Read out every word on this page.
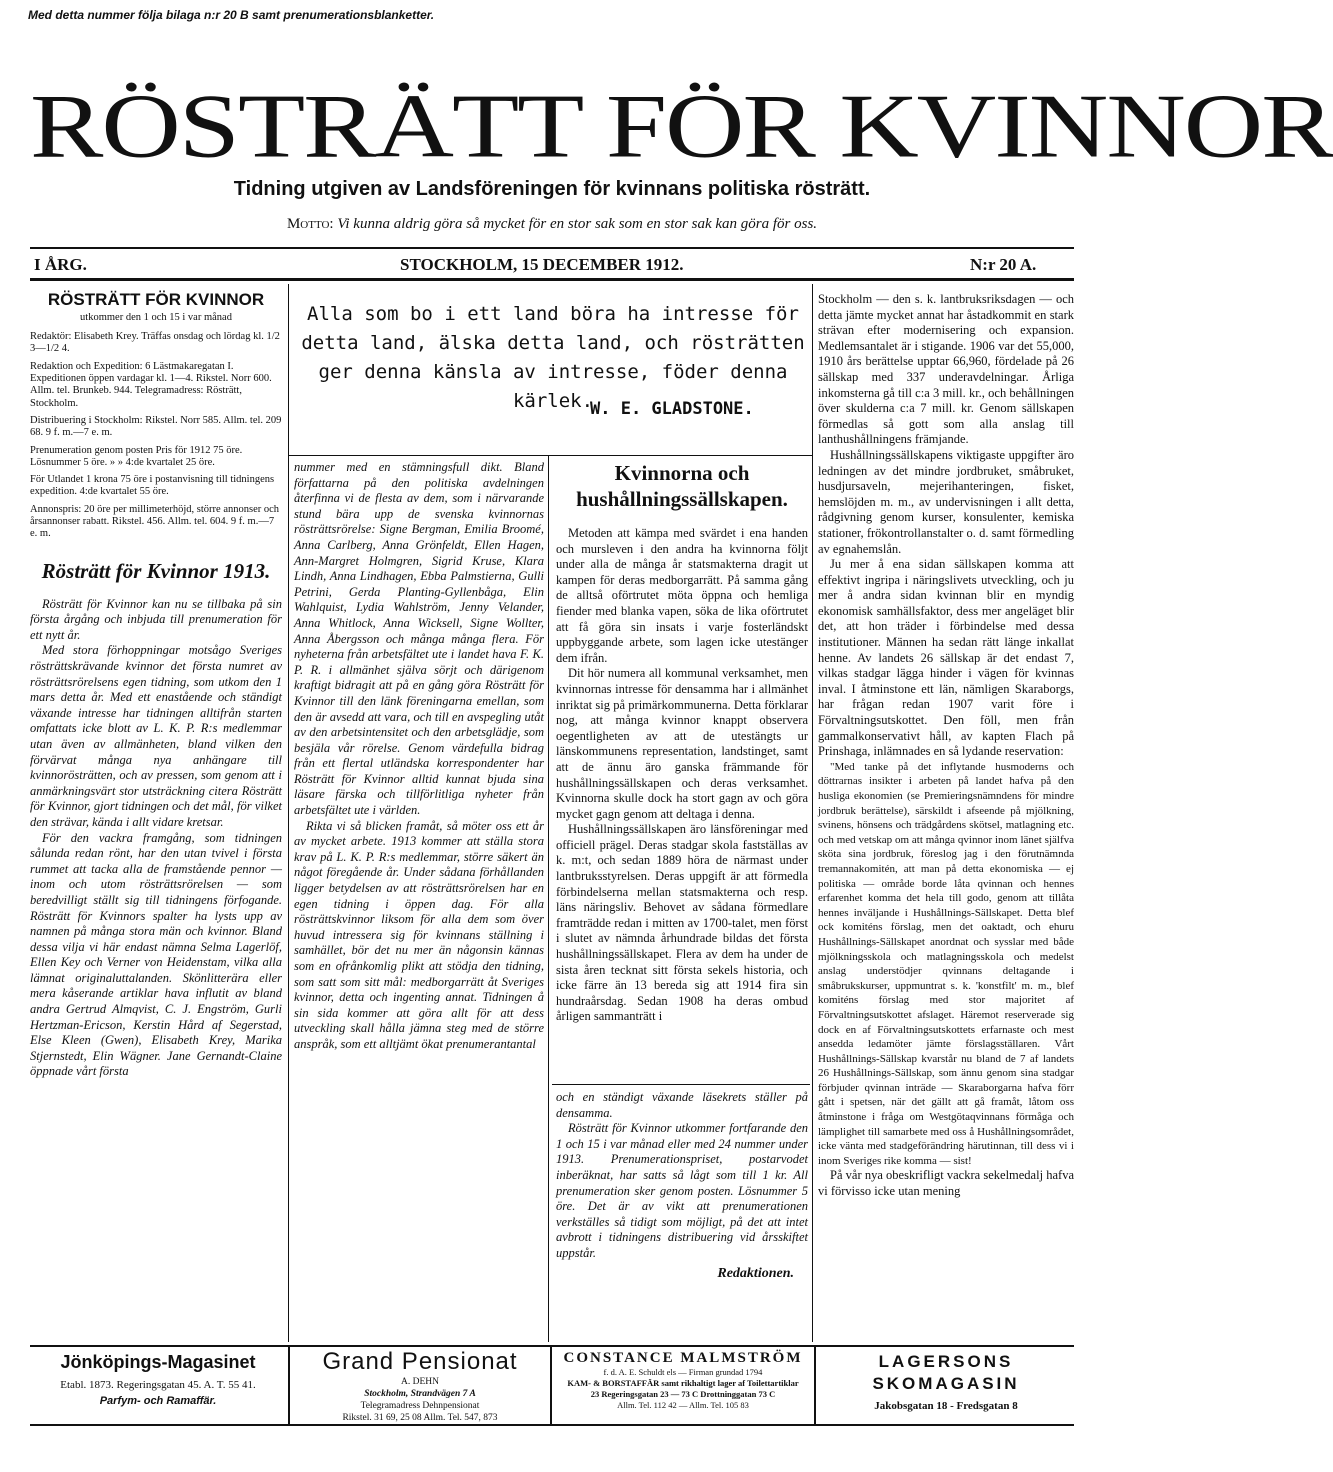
Med detta nummer följa bilaga n:r 20 B samt prenumerationsblanketter.
RÖSTRÄTT FÖR KVINNOR
Tidning utgiven av Landsföreningen för kvinnans politiska rösträtt.
Motto: Vi kunna aldrig göra så mycket för en stor sak som en stor sak kan göra för oss.
I ÅRG.	STOCKHOLM, 15 DECEMBER 1912.	N:r 20 A.
RÖSTRÄTT FÖR KVINNOR
utkommer den 1 och 15 i var månad
Redaktör: Elisabeth Krey. Träffas onsdag och lördag kl. 1/2 3—1/2 4.
Redaktion och Expedition: 6 Lästmakaregatan I. Expeditionen öppen vardagar kl. 1—4. Rikstel. Norr 600. Allm. tel. Brunkeb. 944. Telegramadress: Rösträtt, Stockholm.
Distribuering i Stockholm: Rikstel. Norr 585. Allm. tel. 209 68. 9 f. m.—7 e. m.
Prenumeration genom posten Pris för 1912 75 öre. Lösnummer 5 öre. » » 4:de kvartalet 25 öre.
För Utlandet 1 krona 75 öre i postanvisning till tidningens expedition. 4:de kvartalet 55 öre.
Annonspris: 20 öre per millimeterhöjd, större annonser och årsannonser rabatt. Rikstel. 456. Allm. tel. 604. 9 f. m.—7 e. m.
Rösträtt för Kvinnor 1913.

Rösträtt för Kvinnor kan nu se tillbaka på sin första årgång och inbjuda till prenumeration för ett nytt år.

Med stora förhoppningar motsågo Sveriges rösträttskrävande kvinnor det första numret av rösträttsrörelsens egen tidning, som utkom den 1 mars detta år. Med ett enastående och ständigt växande intresse har tidningen alltifrån starten omfattats icke blott av L. K. P. R:s medlemmar utan även av allmänheten, bland vilken den förvärvat många nya anhängare till kvinnorösträtten, och av pressen, som genom att i anmärkningsvärt stor utsträckning citera Rösträtt för Kvinnor, gjort tidningen och det mål, för vilket den strävar, kända i allt vidare kretsar.

För den vackra framgång, som tidningen sålunda redan rönt, har den utan tvivel i första rummet att tacka alla de framstående pennor — inom och utom rösträttsrörelsen — som beredvilligt ställt sig till tidningens förfogande. Rösträtt för Kvinnors spalter ha lysts upp av namnen på många stora män och kvinnor. Bland dessa vilja vi här endast nämna Selma Lagerlöf, Ellen Key och Verner von Heidenstam, vilka alla lämnat originaluttalanden. Skönlitterära eller mera kåserande artiklar hava influtit av bland andra Gertrud Almqvist, C. J. Engström, Gurli Hertzman-Ericson, Kerstin Hård af Segerstad, Else Kleen (Gwen), Elisabeth Krey, Marika Stjernstedt, Elin Wägner. Jane Gernandt-Claine öppnade vårt första

Alla som bo i ett land böra ha intresse för detta land, älska detta land, och rösträtten ger denna känsla av intresse, föder denna kärlek.
W. E. GLADSTONE.

nummer med en stämningsfull dikt. Bland författarna på den politiska avdelningen återfinna vi de flesta av dem, som i närvarande stund bära upp de svenska kvinnornas rösträttsrörelse: Signe Bergman, Emilia Broomé, Anna Carlberg, Anna Grönfeldt, Ellen Hagen, Ann-Margret Holmgren, Sigrid Kruse, Klara Lindh, Anna Lindhagen, Ebba Palmstierna, Gulli Petrini, Gerda Planting-Gyllenbåga, Elin Wahlquist, Lydia Wahlström, Jenny Velander, Anna Whitlock, Anna Wicksell, Signe Wollter, Anna Åbergsson och många många flera. För nyheterna från arbetsfältet ute i landet hava F. K. P. R. i allmänhet själva sörjt och därigenom kraftigt bidragit att på en gång göra Rösträtt för Kvinnor till den länk föreningarna emellan, som den är avsedd att vara, och till en avspegling utåt av den arbetsintensitet och den arbetsglädje, som besjäla vår rörelse. Genom värdefulla bidrag från ett flertal utländska korrespondenter har Rösträtt för Kvinnor alltid kunnat bjuda sina läsare färska och tillförlitliga nyheter från arbetsfältet ute i världen.

Rikta vi så blicken framåt, så möter oss ett år av mycket arbete. 1913 kommer att ställa stora krav på L. K. P. R:s medlemmar, större säkert än något föregående år. Under sådana förhållanden ligger betydelsen av att rösträttsrörelsen har en egen tidning i öppen dag. För alla rösträttskvinnor liksom för alla dem som över huvud intressera sig för kvinnans ställning i samhället, bör det nu mer än någonsin kännas som en ofrånkomlig plikt att stödja den tidning, som satt som sitt mål: medborgarrätt åt Sveriges kvinnor, detta och ingenting annat. Tidningen å sin sida kommer att göra allt för att dess utveckling skall hålla jämna steg med de större anspråk, som ett alltjämt ökat prenumerantantal

Kvinnorna och hushållningssällskapen.

Metoden att kämpa med svärdet i ena handen och mursleven i den andra ha kvinnorna följt under alla de många år statsmakterna dragit ut kampen för deras medborgarrätt. På samma gång de alltså oförtrutet möta öppna och hemliga fiender med blanka vapen, söka de lika oförtrutet att få göra sin insats i varje fosterländskt uppbyggande arbete, som lagen icke utestänger dem ifrån.

Dit hör numera all kommunal verksamhet, men kvinnornas intresse för densamma har i allmänhet inriktat sig på primärkommunerna. Detta förklarar nog, att många kvinnor knappt observera oegentligheten av att de utestängts ur länskommunens representation, landstinget, samt att de ännu äro ganska främmande för hushållningssällskapen och deras verksamhet. Kvinnorna skulle dock ha stort gagn av och göra mycket gagn genom att deltaga i denna.

Hushållningssällskapen äro länsföreningar med officiell prägel. Deras stadgar skola fastställas av k. m:t, och sedan 1889 höra de närmast under lantbruksstyrelsen. Deras uppgift är att förmedla förbindelserna mellan statsmakterna och resp. läns näringsliv. Behovet av sådana förmedlare framträdde redan i mitten av 1700-talet, men först i slutet av nämnda århundrade bildas det första hushållningssällskapet. Flera av dem ha under de sista åren tecknat sitt första sekels historia, och icke färre än 13 bereda sig att 1914 fira sin hundraårsdag. Sedan 1908 ha deras ombud årligen sammanträtt i

och en ständigt växande läsekrets ställer på densamma.

Rösträtt för Kvinnor utkommer fortfarande den 1 och 15 i var månad eller med 24 nummer under 1913. Prenumerationspriset, postarvodet inberäknat, har satts så lågt som till 1 kr. All prenumeration sker genom posten. Lösnummer 5 öre. Det är av vikt att prenumerationen verkställes så tidigt som möjligt, på det att intet avbrott i tidningens distribuering vid årsskiftet uppstår.

Redaktionen.

Stockholm — den s. k. lantbruksriksdagen — och detta jämte mycket annat har åstadkommit en stark strävan efter modernisering och expansion. Medlemsantalet är i stigande. 1906 var det 55,000, 1910 års berättelse upptar 66,960, fördelade på 26 sällskap med 337 underavdelningar. Årliga inkomsterna gå till c:a 3 mill. kr., och behållningen över skulderna c:a 7 mill. kr. Genom sällskapen förmedlas så gott som alla anslag till lanthushållningens främjande.

Hushållningssällskapens viktigaste uppgifter äro ledningen av det mindre jordbruket, småbruket, husdjursaveln, mejerihanteringen, fisket, hemslöjden m. m., av undervisningen i allt detta, rådgivning genom kurser, konsulenter, kemiska stationer, frökontrollanstalter o. d. samt förmedling av egnahemslån.

Ju mer å ena sidan sällskapen komma att effektivt ingripa i näringslivets utveckling, och ju mer å andra sidan kvinnan blir en myndig ekonomisk samhällsfaktor, dess mer angeläget blir det, att hon träder i förbindelse med dessa institutioner. Männen ha sedan rätt länge inkallat henne. Av landets 26 sällskap är det endast 7, vilkas stadgar lägga hinder i vägen för kvinnas inval. I åtminstone ett län, nämligen Skaraborgs, har frågan redan 1907 varit före i Förvaltningsutskottet. Den föll, men från gammalkonservativt håll, av kapten Flach på Prinshaga, inlämnades en så lydande reservation:

"Med tanke på det inflytande husmoderns och döttrarnas insikter i arbeten på landet hafva på den husliga ekonomien (se Premieringsnämndens för mindre jordbruk berättelse), särskildt i afseende på mjölkning, svinens, hönsens och trädgårdens skötsel, matlagning etc. och med vetskap om att många qvinnor inom länet själfva sköta sina jordbruk, föreslog jag i den förutnämnda tremannakomitén, att man på detta ekonomiska — ej politiska — område borde låta qvinnan och hennes erfarenhet komma det hela till godo, genom att tillåta hennes inväljande i Hushållnings-Sällskapet. Detta blef ock komiténs förslag, men det oaktadt, och ehuru Hushållnings-Sällskapet anordnat och sysslar med både mjölkningsskola och matlagningsskola och medelst anslag understödjer qvinnans deltagande i småbrukskurser, uppmuntrat s. k. 'konstfilt' m. m., blef komiténs förslag med stor majoritet af Förvaltningsutskottet afslaget. Häremot reserverade sig dock en af Förvaltningsutskottets erfarnaste och mest ansedda ledamöter jämte förslagsställaren. Vårt Hushållnings-Sällskap kvarstår nu bland de 7 af landets 26 Hushållnings-Sällskap, som ännu genom sina stadgar förbjuder qvinnan inträde — Skaraborgarna hafva förr gått i spetsen, när det gällt att gå framåt, låtom oss åtminstone i fråga om Westgötaqvinnans förmåga och lämplighet till samarbete med oss å Hushållningsområdet, icke vänta med stadgeförändring härutinnan, till dess vi i inom Sveriges rike komma — sist!

På vår nya obeskrifligt vackra sekelmedalj hafva vi förvisso icke utan mening

Jönköpings-Magasinet
Etabl. 1873. Regeringsgatan 45. A. T. 55 41.
Parfym- och Ramaffär.
Grand Pensionat
A. DEHN
Stockholm, Strandvägen 7 A
Telegramadress Dehnpensionat
Rikstel. 31 69, 25 08 Allm. Tel. 547, 873
CONSTANCE MALMSTRÖM
f. d. A. E. Schuldt els — Firman grundad 1794
KAM- & BORSTAFFÄR samt rikhaltigt lager af Toilettartiklar
23 Regeringsgatan 23 — 73 C Drottninggatan 73 C
Allm. Tel. 112 42 — Allm. Tel. 105 83
LAGERSONS
SKOMAGASIN
Jakobsgatan 18 - Fredsgatan 8
